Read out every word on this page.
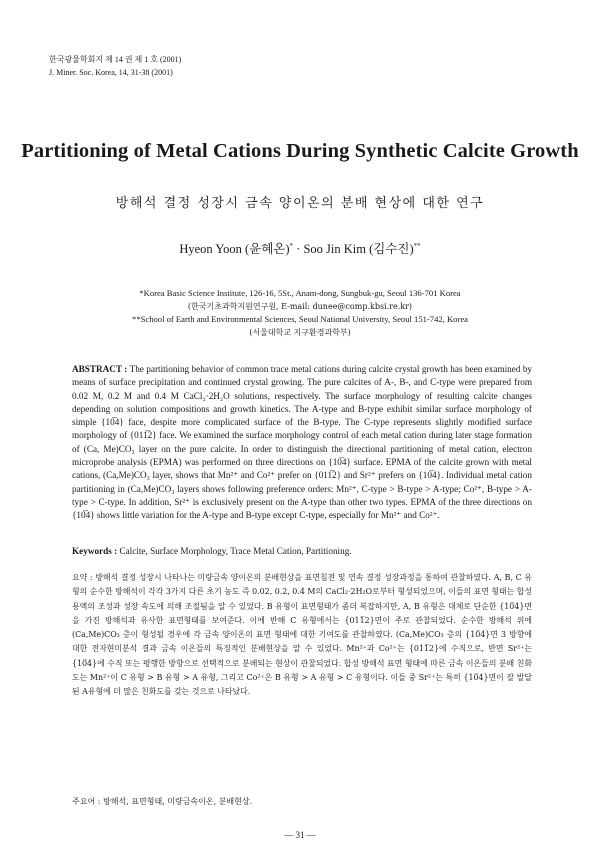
한국광물학회지 제 14 권 제 1 호 (2001)
J. Miner. Soc. Korea, 14, 31-38 (2001)
Partitioning of Metal Cations During Synthetic Calcite Growth
방해석 결정 성장시 금속 양이온의 분배 현상에 대한 연구
Hyeon Yoon (윤혜온)* · Soo Jin Kim (김수진)**
*Korea Basic Science Institute, 126-16, 5St., Anam-dong, Sungbuk-gu, Seoul 136-701 Korea
(한국기초과학지원연구원, E-mail: dunee@comp.kbsi.re.kr)
**School of Earth and Environmental Sciences, Seoul National University, Seoul 151-742, Korea
(서울대학교 지구환경과학부)
ABSTRACT : The partitioning behavior of common trace metal cations during calcite crystal growth has been examined by means of surface precipitation and continued crystal growing. The pure calcites of A-, B-, and C-type were prepared from 0.02 M, 0.2 M and 0.4 M CaCl₂·2H₂O solutions, respectively. The surface morphology of resulting calcite changes depending on solution compositions and growth kinetics. The A-type and B-type exhibit similar surface morphology of simple {10̅4} face, despite more complicated surface of the B-type. The C-type represents slightly modified surface morphology of {011̅2} face. We examined the surface morphology control of each metal cation during later stage formation of (Ca, Me)CO₃ layer on the pure calcite. In order to distinguish the directional partitioning of metal cation, electron microprobe analysis (EPMA) was performed on three directions on {10̅4} surface. EPMA of the calcite grown with metal cations, (Ca,Me)CO₃ layer, shows that Mn²⁺ and Co²⁺ prefer on {011̅2} and Sr²⁺ prefers on {10̅4}. Individual metal cation partitioning in (Ca,Me)CO₃ layers shows following preference orders: Mn²⁺, C-type > B-type > A-type; Co²⁺, B-type > A-type > C-type. In addition, Sr²⁺ is exclusively present on the A-type than other two types. EPMA of the three directions on {10̅4} shows little variation for the A-type and B-type except C-type, especially for Mn²⁺ and Co²⁺.
Keywords : Calcite, Surface Morphology, Trace Metal Cation, Partitioning.
요약 : 방해석 결정 성장시 나타나는 미량금속 양이온의 분배현상을 표면침전 및 연속 결정 성장과정을 통하여 관찰하였다. A, B, C 유형의 순수한 방해석이 각각 3가지 다른 초기 농도 즉 0.02, 0.2, 0.4 M의 CaCl₂·2H₂O로부터 형성되었으며, 이들의 표면 형태는 합성용액의 조성과 성장 속도에 의해 조절됨을 알 수 있었다. B 유형이 표면형태가 좀더 복잡하지만, A, B 유형은 대체로 단순한 {10̅4}면을 가진 방해석과 유사한 표면형태를 보여준다. 이에 반해 C 유형에서는 {011̅2}면이 주로 관찰되었다. 순수한 방해석 위에 (Ca,Me)CO₃ 층이 형성될 경우에 각 금속 양이온의 표면 형태에 대한 기여도를 관찰하였다. (Ca,Me)CO₃ 층의 {10̅4}면 3 방향에 대한 전자현미분석 결과 금속 이온들의 특징적인 분배현상을 알 수 있었다. Mn²⁺과 Co²⁺는 {011̅2}에 수직으로, 반면 Sr²⁺는 {10̅4}에 수직 또는 평행한 방향으로 선택적으로 분배되는 현상이 관찰되었다. 합성 방해석 표면 형태에 따른 금속 이온들의 분배 친화도는 Mn²⁺이 C 유형 > B 유형 > A 유형, 그리고 Co²⁺은 B 유형 > A 유형 > C 유형이다. 이들 중 Sr²⁺는 특히 {10̅4}면이 잘 발달된 A유형에 더 많은 친화도를 갖는 것으로 나타났다.
주요어 : 방해석, 표면형태, 미량금속이온, 분배현상.
— 31 —
